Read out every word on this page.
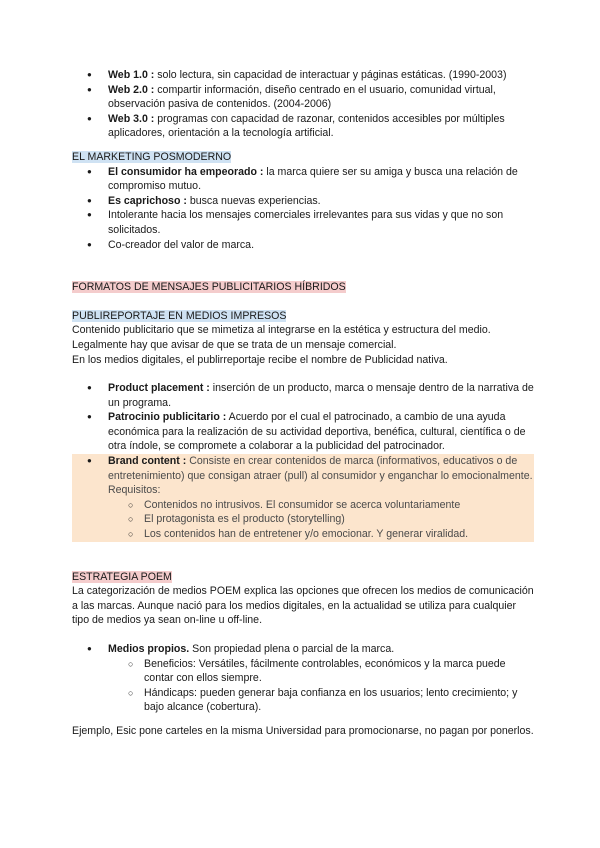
● Web 1.0 : solo lectura, sin capacidad de interactuar y páginas estáticas. (1990-2003)
● Web 2.0 : compartir información, diseño centrado en el usuario, comunidad virtual, observación pasiva de contenidos. (2004-2006)
● Web 3.0 : programas con capacidad de razonar, contenidos accesibles por múltiples aplicadores, orientación a la tecnología artificial.

EL MARKETING POSMODERNO

● El consumidor ha empeorado : la marca quiere ser su amiga y busca una relación de compromiso mutuo.
● Es caprichoso : busca nuevas experiencias.
● Intolerante hacia los mensajes comerciales irrelevantes para sus vidas y que no son solicitados.
● Co-creador del valor de marca.

FORMATOS DE MENSAJES PUBLICITARIOS HÍBRIDOS

PUBLIREPORTAJE EN MEDIOS IMPRESOS

Contenido publicitario que se mimetiza al integrarse en la estética y estructura del medio.

Legalmente hay que avisar de que se trata de un mensaje comercial.

En los medios digitales, el publirreportaje recibe el nombre de Publicidad nativa.

● Product placement : inserción de un producto, marca o mensaje dentro de la narrativa de un programa.
● Patrocinio publicitario : Acuerdo por el cual el patrocinado, a cambio de una ayuda económica para la realización de su actividad deportiva, benéfica, cultural, científica o de otra índole, se compromete a colaborar a la publicidad del patrocinador.
● Brand content : Consiste en crear contenidos de marca (informativos, educativos o de entretenimiento) que consigan atraer (pull) al consumidor y enganchar lo emocionalmente. Requisitos:
○ Contenidos no intrusivos. El consumidor se acerca voluntariamente
○ El protagonista es el producto (storytelling)
○ Los contenidos han de entretener y/o emocionar. Y generar viralidad.

ESTRATEGIA POEM

La categorización de medios POEM explica las opciones que ofrecen los medios de comunicación a las marcas. Aunque nació para los medios digitales, en la actualidad se utiliza para cualquier tipo de medios ya sean on-line u off-line.

● Medios propios. Son propiedad plena o parcial de la marca.
○ Beneficios: Versátiles, fácilmente controlables, económicos y la marca puede contar con ellos siempre.
○ Hándicaps: pueden generar baja confianza en los usuarios; lento crecimiento; y bajo alcance (cobertura).

Ejemplo, Esic pone carteles en la misma Universidad para promocionarse, no pagan por ponerlos.
